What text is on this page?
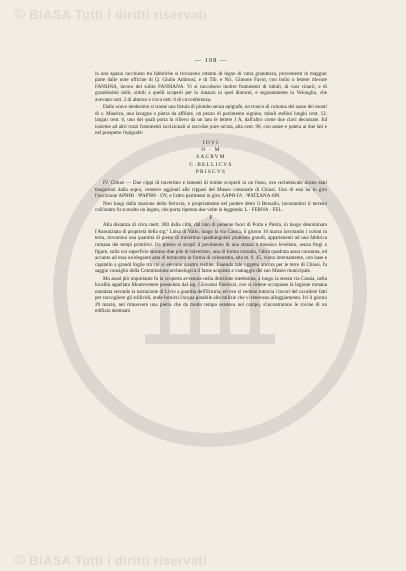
© BiASA Tutti i diritti riservati
© BiASA Tutti i diritti riservati
— 108 —

in uno spazio racchiuso tra fabbriche si trovarono rottami di legno di varia grandezza, provenienti in maggior parte dalle note officine di Q. Giulio Ambrosi, e di Tib. e Nic. Gimone Favor, con bollo o lettere rilevate FANSINA, lavoro del solito FANSIANA. Vi si raccolsero inoltre frammenti di tubuli, di vasi vinarii, e di grandissimi dolii, simili a quelli scoperti per lo innanzi in quei dintorni, e segnatamente in Velonglio, che avevano nott. 2 di altezzo e circa nett. 6 di circonferenza.

Dallo scavo medesimo si trasse una fistula di piombo senza epigrafe, un tronco di colonna del sasso dei monti di s. Maurizo, una lavagna o pietra da affilare, un pezzo di pavimento signino, tubuli stellini lunghi cent. 12, largati cent. 6, uno dei quali porta in rilievo da un lato le lettere J A, dall'altro come due clavi decussate. Ed insieme ad altri rozzi frammenti iscrizionali si raccolse pure un'ara, alta cent. 98, con ansee e patera ai due lati e nel prospetto l'epigrafe:

IOVI
O · M
SACRVM
C·BELLICVS
PRISCVS

IV. Chiusi — Due cippi di travertino e lamenti di tombe scoperti in un fosso, ove rechettavale avano stati trasportati dalla sopra, vennero aggiunti alle cippasi del Museo comunale di Chiusi. Uno di essi ha in giro l'iscrizione ΑΡΝΘΙ · ΨΑΡΝΘ · OV, e l'altro parimenti in giro ΛΑΡΘ·ΙΛ · ΨΑΤΣΑΝΑ·ΘΝ.

Non lungi dalla stazione della ferrovia, e propriamente nel podere detto il Bersalio, lavorandosi il terreno coll'aratro fu scavalto un legato, che porta ripetuta due volte la leggenda: L · FERNA · FEL.

F

Alla distanza di circa mett. 300 dalla città, dal lato di ponente fuori di Porta e Pietra, in luogo denominato l'Annunziata di proprietà della sig.ª Luisa di Vallo, lungo la via Cassia, il giorno 10 marzo lavorando i coloni in terra, trovarono una quantità di pietre di travertino quadrangolari piuttosto grandi, appartenenti ad una fabbrica romana dei tempi primitivi. Ivi presso si scoprì il pavimento di una stanza a mosaico levellato, senza fregi o figure, sulla cui superficie stavano due pile di travertino, una di forma rotonda, l'altra quadrata assai consunta, ed accanto ad essa un'elegante asta di terracotta in forma di colonnetta, alta m. 0, 45, vuota internamente, con base e capitello a grandi foglie tra cui si elevano quattro testine. Essendo tale oggetto ancora per le terre di Chiusi, fu saggio consiglio della Commissione archeologica il farne acquisto a vantaggio del suo Museo municipale.

Ma assai più importante fu la scoperta avvenuta nella direzione medesima, a lungo la stessa via Cassia, nella località appellata Montevenere posseduta dal sig. Giovanni Paolozzi, ove si ritiene occupasse la legione romana mandata secondo la narrazione di Livio a guardia dell'Etruria, ed ove si vedono tuttavia i lavori del cavaliere fatti per raccogliere gli stillicidi, onde fornirsi l'acqua potabile alle milizie che vi tenevano alloggiamento. Ivi il giorno 29 marzo, nel rimuovere una pietra che da molto tempo esisteva nel campo, s'incontrarono le rovine di un edifizio destinato
